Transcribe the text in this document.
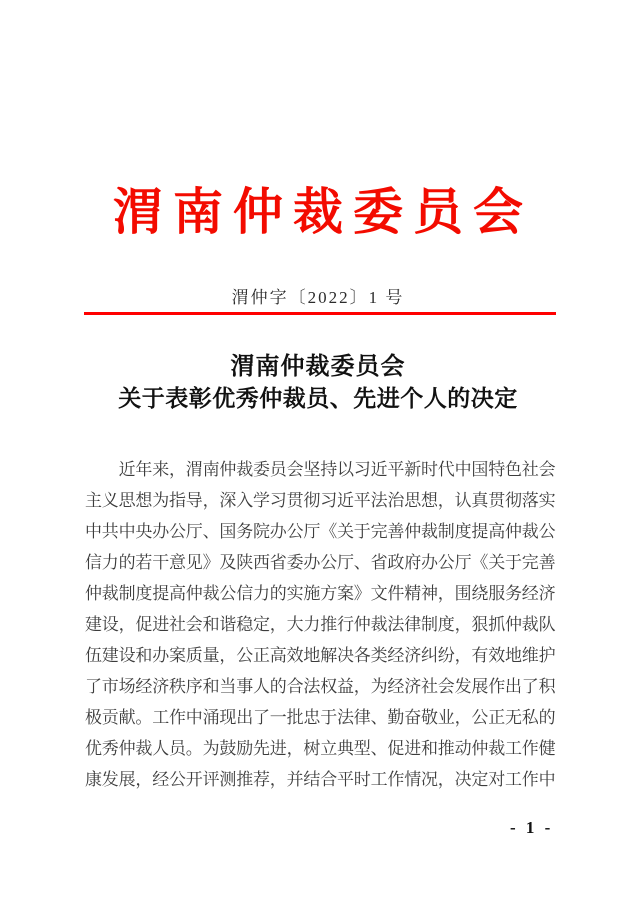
渭南仲裁委员会
渭仲字〔2022〕1 号
渭南仲裁委员会
关于表彰优秀仲裁员、先进个人的决定
　　近年来，渭南仲裁委员会坚持以习近平新时代中国特色社会
主义思想为指导，深入学习贯彻习近平法治思想，认真贯彻落实
中共中央办公厅、国务院办公厅《关于完善仲裁制度提高仲裁公
信力的若干意见》及陕西省委办公厅、省政府办公厅《关于完善
仲裁制度提高仲裁公信力的实施方案》文件精神，围绕服务经济
建设，促进社会和谐稳定，大力推行仲裁法律制度，狠抓仲裁队
伍建设和办案质量，公正高效地解决各类经济纠纷，有效地维护
了市场经济秩序和当事人的合法权益，为经济社会发展作出了积
极贡献。工作中涌现出了一批忠于法律、勤奋敬业，公正无私的
优秀仲裁人员。为鼓励先进，树立典型、促进和推动仲裁工作健
康发展，经公开评测推荐，并结合平时工作情况，决定对工作中
- 1 -
